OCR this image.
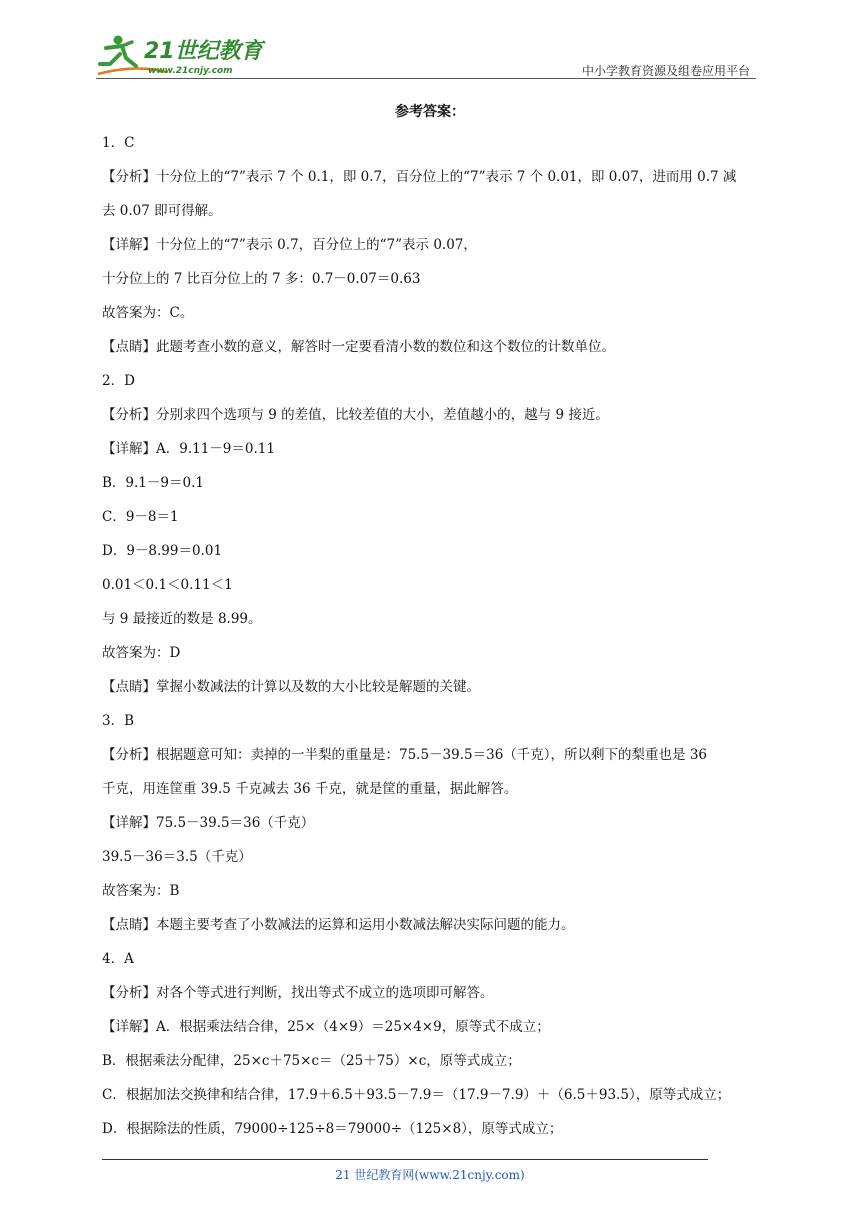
21世纪教育
www.21cnjy.com	中小学教育资源及组卷应用平台
参考答案：
1．C
【分析】十分位上的“7”表示 7 个 0.1，即 0.7，百分位上的“7”表示 7 个 0.01，即 0.07，进而用 0.7 减
去 0.07 即可得解。
【详解】十分位上的“7”表示 0.7，百分位上的“7”表示 0.07，
十分位上的 7 比百分位上的 7 多：0.7－0.07＝0.63
故答案为：C。
【点睛】此题考查小数的意义，解答时一定要看清小数的数位和这个数位的计数单位。
2．D
【分析】分别求四个选项与 9 的差值，比较差值的大小，差值越小的，越与 9 接近。
【详解】A．9.11－9＝0.11
B．9.1－9＝0.1
C．9－8＝1
D．9－8.99＝0.01
0.01＜0.1＜0.11＜1
与 9 最接近的数是 8.99。
故答案为：D
【点睛】掌握小数减法的计算以及数的大小比较是解题的关键。
3．B
【分析】根据题意可知：卖掉的一半梨的重量是：75.5－39.5＝36（千克），所以剩下的梨重也是 36
千克，用连筐重 39.5 千克减去 36 千克，就是筐的重量，据此解答。
【详解】75.5－39.5＝36（千克）
39.5－36＝3.5（千克）
故答案为：B
【点睛】本题主要考查了小数减法的运算和运用小数减法解决实际问题的能力。
4．A
【分析】对各个等式进行判断，找出等式不成立的选项即可解答。
【详解】A．根据乘法结合律，25×（4×9）＝25×4×9，原等式不成立；
B．根据乘法分配律，25×c＋75×c＝（25＋75）×c，原等式成立；
C．根据加法交换律和结合律，17.9＋6.5＋93.5－7.9＝（17.9－7.9）＋（6.5＋93.5），原等式成立；
D．根据除法的性质，79000÷125÷8＝79000÷（125×8），原等式成立；
21 世纪教育网(www.21cnjy.com)
